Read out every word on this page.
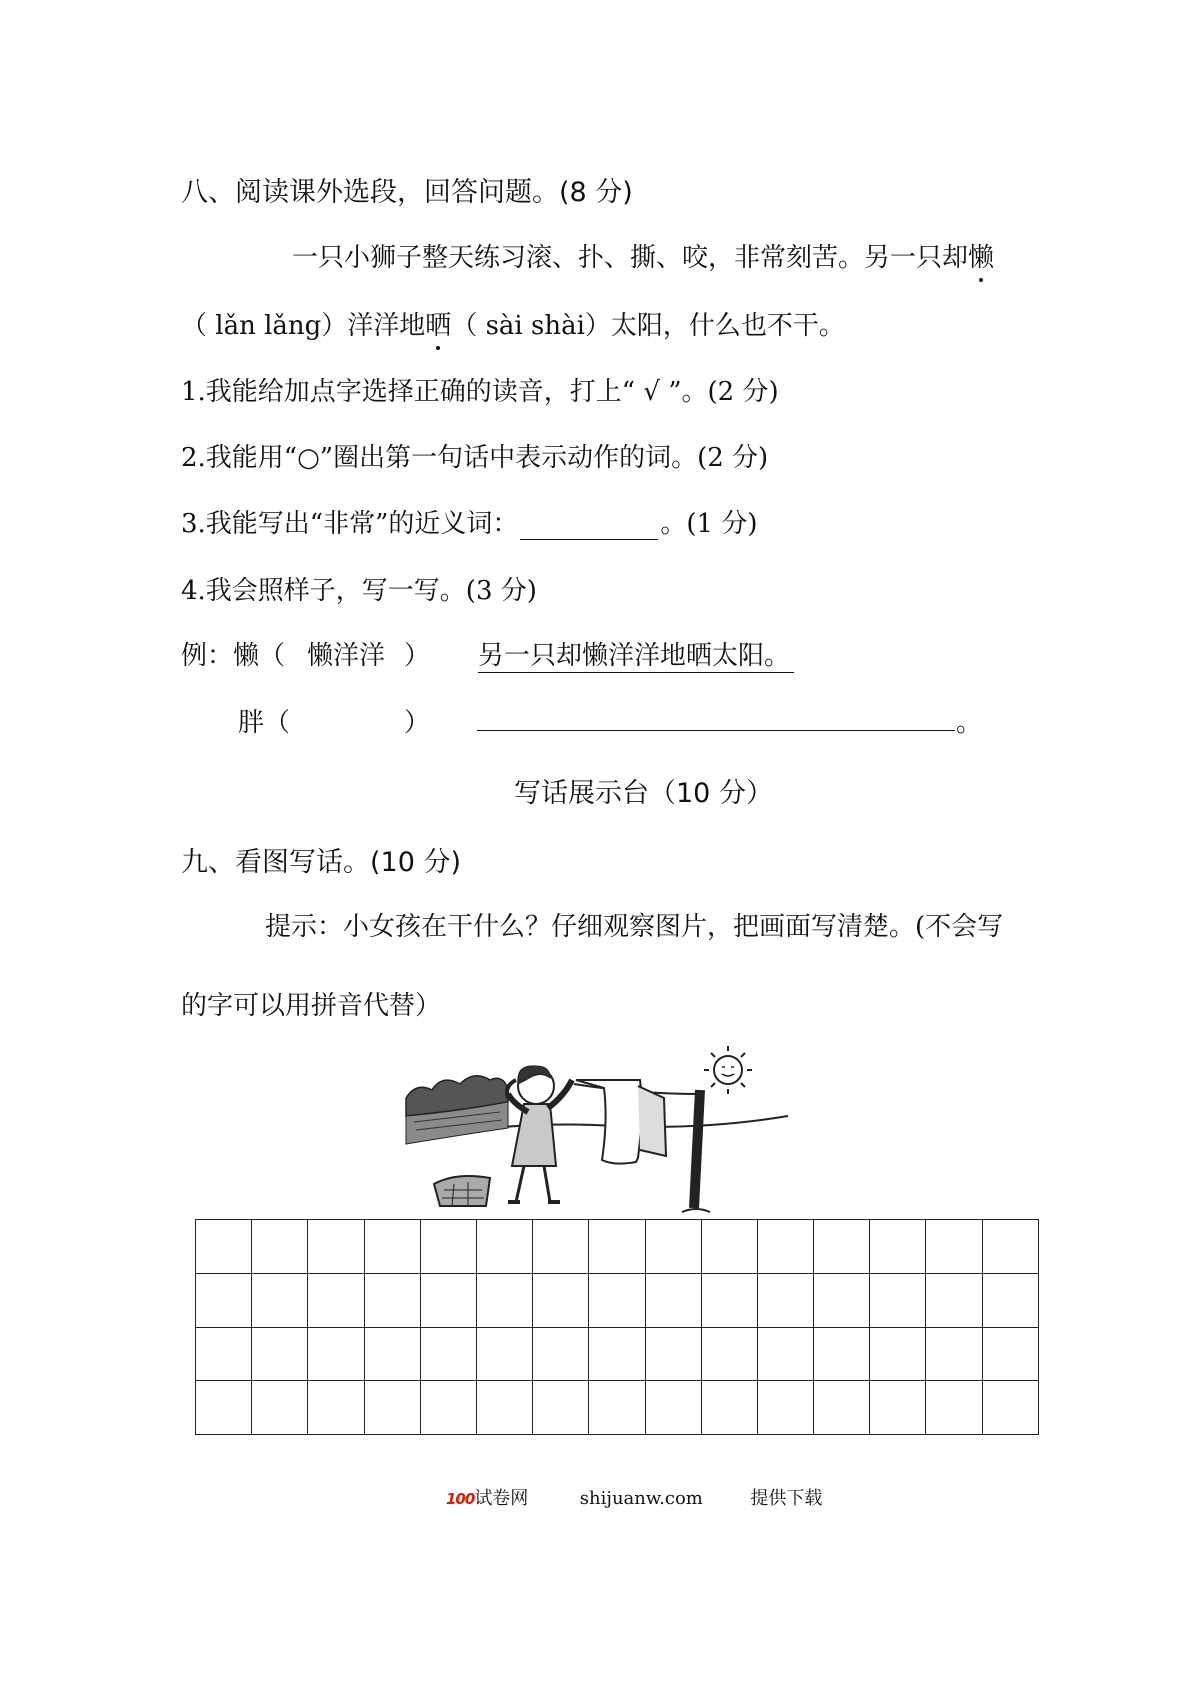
八、阅读课外选段，回答问题。(8 分)
一只小狮子整天练习滚、扑、撕、咬，非常刻苦。另一只却懒
（ lǎn lǎng）洋洋地晒（ sài shài）太阳，什么也不干。
1.我能给加点字选择正确的读音，打上“ √ ”。(2 分)
2.我能用“○”圈出第一句话中表示动作的词。(2 分)
3.我能写出“非常”的近义词：	。(1 分)
4.我会照样子，写一写。(3 分)
例：懒（ 懒洋洋 ） 另一只却懒洋洋地晒太阳。
胖（	）	。
写话展示台（10 分）
九、看图写话。(10 分)
提示：小女孩在干什么？仔细观察图片，把画面写清楚。(不会写
的字可以用拼音代替）

100试卷网	shijuanw.com	提供下载
